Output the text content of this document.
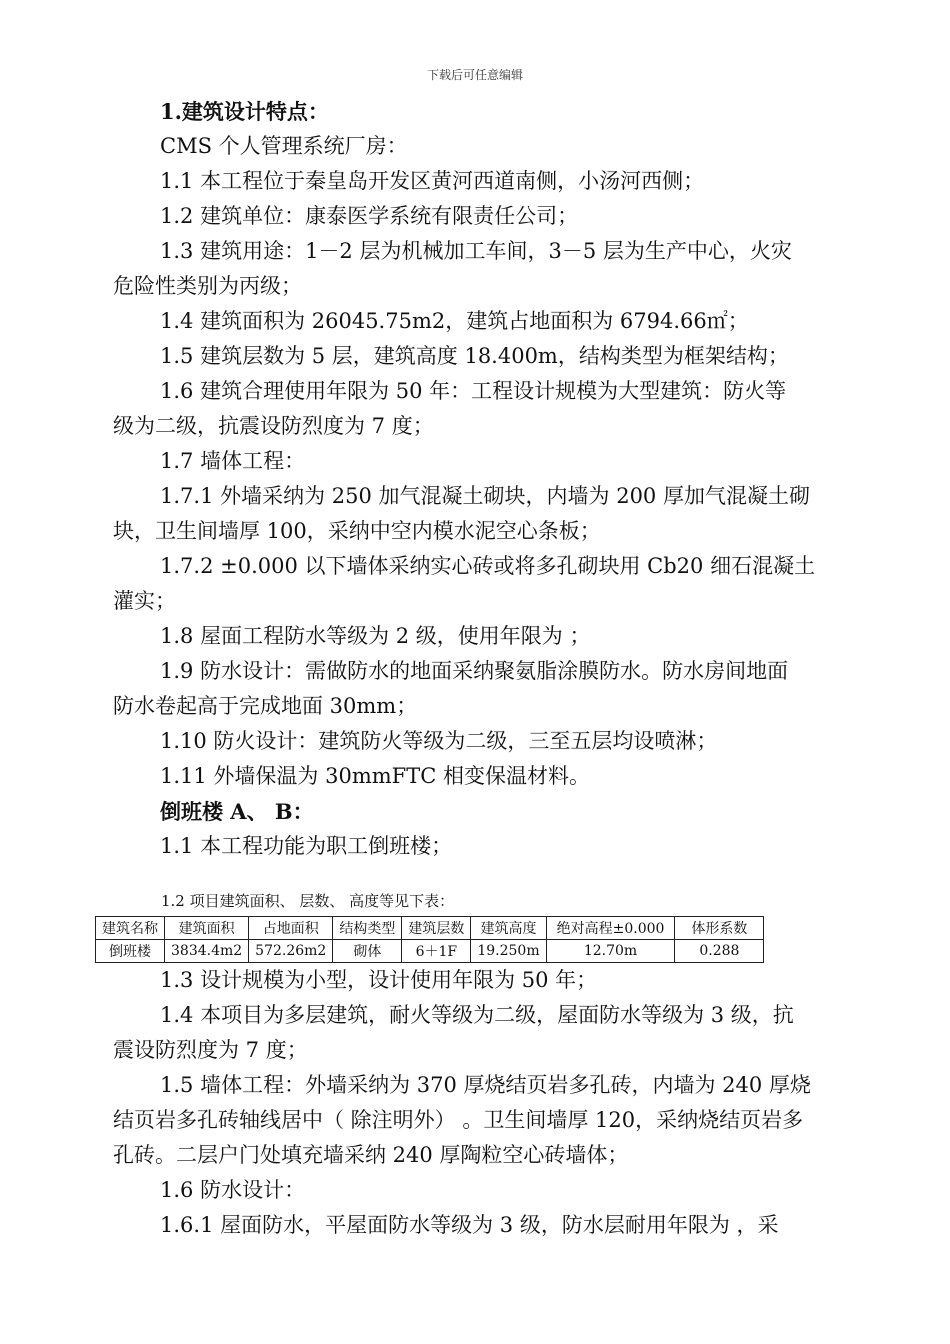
下载后可任意编辑

1.建筑设计特点：

CMS 个人管理系统厂房：

1.1 本工程位于秦皇岛开发区黄河西道南侧，小汤河西侧；

1.2 建筑单位：康泰医学系统有限责任公司；

1.3 建筑用途：1－2 层为机械加工车间，3－5 层为生产中心，火灾

危险性类别为丙级；

1.4 建筑面积为 26045.75m2，建筑占地面积为 6794.66㎡；

1.5 建筑层数为 5 层，建筑高度 18.400m，结构类型为框架结构；

1.6 建筑合理使用年限为 50 年：工程设计规模为大型建筑：防火等

级为二级，抗震设防烈度为 7 度；

1.7 墙体工程：

1.7.1 外墙采纳为 250 加气混凝土砌块，内墙为 200 厚加气混凝土砌

块，卫生间墙厚 100，采纳中空内模水泥空心条板；

1.7.2 ±0.000 以下墙体采纳实心砖或将多孔砌块用 Cb20 细石混凝土

灌实；

1.8 屋面工程防水等级为 2 级，使用年限为 ；

1.9 防水设计：需做防水的地面采纳聚氨脂涂膜防水。防水房间地面

防水卷起高于完成地面 30mm；

1.10 防火设计：建筑防火等级为二级，三至五层均设喷淋；

1.11 外墙保温为 30mmFTC 相变保温材料。

倒班楼 A、 B：

1.1 本工程功能为职工倒班楼；

1.2 项目建筑面积、 层数、 高度等见下表：

建筑名称	建筑面积	占地面积	结构类型	建筑层数	建筑高度	绝对高程±0.000	体形系数
倒班楼	3834.4m2	572.26m2	砌体	6＋1F	19.250m	12.70m	0.288

1.3 设计规模为小型，设计使用年限为 50 年；

1.4 本项目为多层建筑，耐火等级为二级，屋面防水等级为 3 级，抗

震设防烈度为 7 度；

1.5 墙体工程：外墙采纳为 370 厚烧结页岩多孔砖，内墙为 240 厚烧

结页岩多孔砖轴线居中（ 除注明外） 。卫生间墙厚 120，采纳烧结页岩多

孔砖。二层户门处填充墙采纳 240 厚陶粒空心砖墙体；

1.6 防水设计：

1.6.1 屋面防水，平屋面防水等级为 3 级，防水层耐用年限为 ，采
